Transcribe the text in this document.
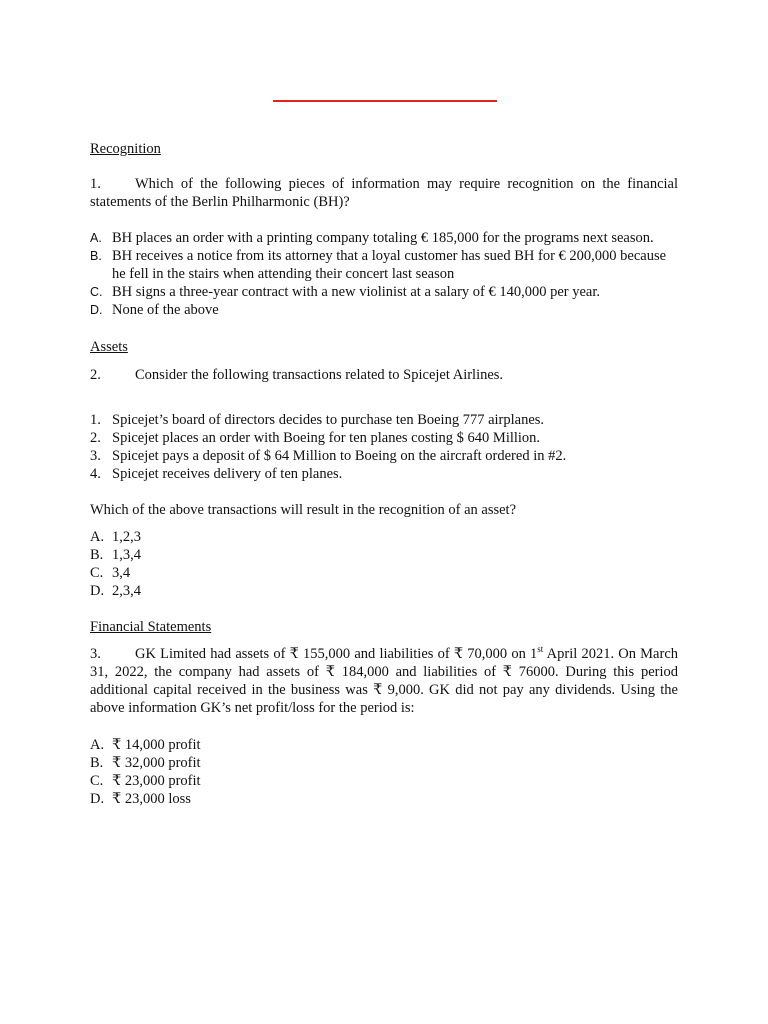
Recognition
1. Which of the following pieces of information may require recognition on the financial statements of the Berlin Philharmonic (BH)?
A. BH places an order with a printing company totaling € 185,000 for the programs next season.
B. BH receives a notice from its attorney that a loyal customer has sued BH for € 200,000 because he fell in the stairs when attending their concert last season
C. BH signs a three-year contract with a new violinist at a salary of € 140,000 per year.
D. None of the above
Assets
2. Consider the following transactions related to Spicejet Airlines.
1. Spicejet’s board of directors decides to purchase ten Boeing 777 airplanes.
2. Spicejet places an order with Boeing for ten planes costing $ 640 Million.
3. Spicejet pays a deposit of $ 64 Million to Boeing on the aircraft ordered in #2.
4. Spicejet receives delivery of ten planes.
Which of the above transactions will result in the recognition of an asset?
A. 1,2,3
B. 1,3,4
C. 3,4
D. 2,3,4
Financial Statements
3. GK Limited had assets of ₹ 155,000 and liabilities of ₹ 70,000 on 1st April 2021. On March 31, 2022, the company had assets of ₹ 184,000 and liabilities of ₹ 76000. During this period additional capital received in the business was ₹ 9,000. GK did not pay any dividends. Using the above information GK’s net profit/loss for the period is:
A. ₹ 14,000 profit
B. ₹ 32,000 profit
C. ₹ 23,000 profit
D. ₹ 23,000 loss
